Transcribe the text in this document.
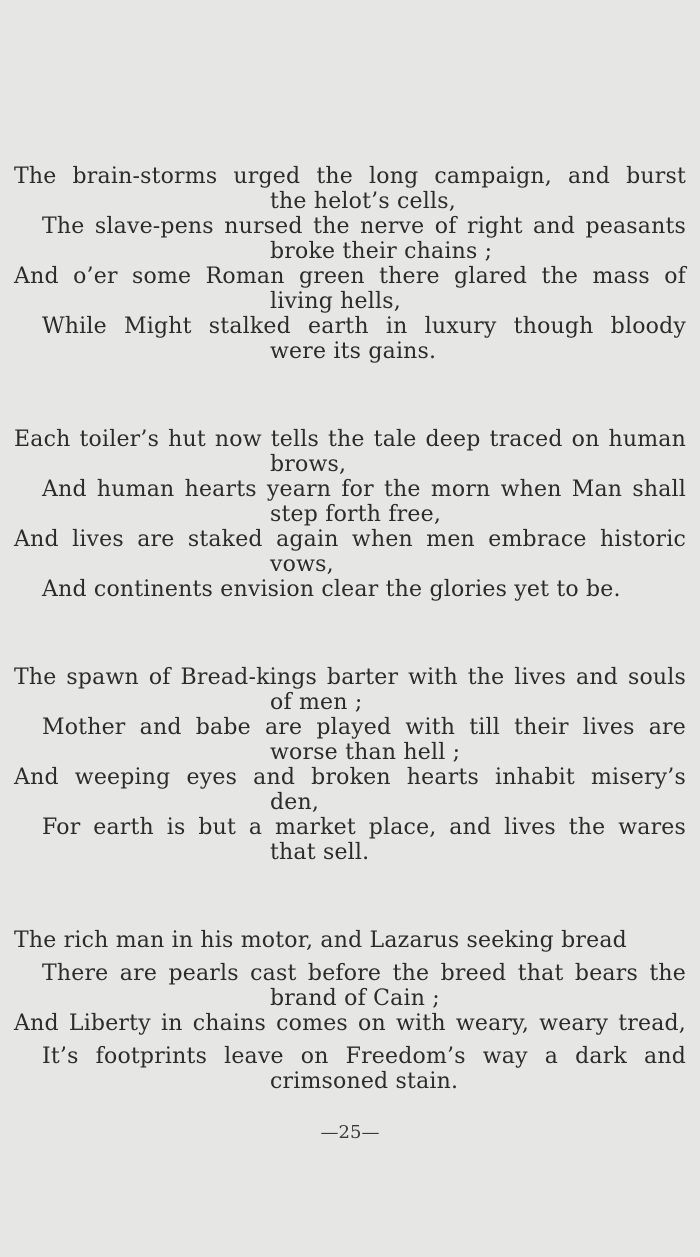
The brain-storms urged the long campaign, and burst
the helot’s cells,
The slave-pens nursed the nerve of right and peasants
broke their chains ;
And o’er some Roman green there glared the mass of
living hells,
While Might stalked earth in luxury though bloody
were its gains.
Each toiler’s hut now tells the tale deep traced on human
brows,
And human hearts yearn for the morn when Man shall
step forth free,
And lives are staked again when men embrace historic
vows,
And continents envision clear the glories yet to be.
The spawn of Bread-kings barter with the lives and souls
of men ;
Mother and babe are played with till their lives are
worse than hell ;
And weeping eyes and broken hearts inhabit misery’s
den,
For earth is but a market place, and lives the wares
that sell.
The rich man in his motor, and Lazarus seeking bread
There are pearls cast before the breed that bears the
brand of Cain ;
And Liberty in chains comes on with weary, weary tread,
It’s footprints leave on Freedom’s way a dark and
crimsoned stain.
—25—
